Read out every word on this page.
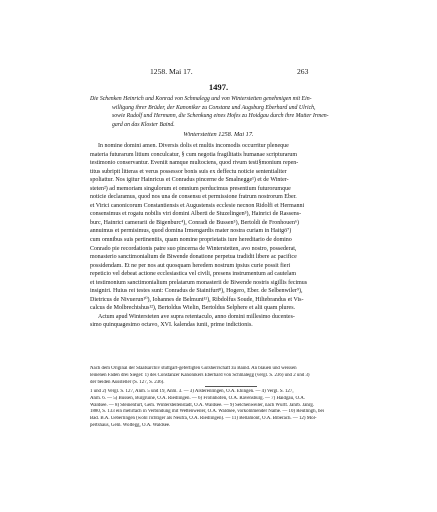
1258. Mai 17.	263
1497.
Die Schenken Heinrich und Konrad von Schmalegg und von Winterstetten genehmigen mit Ein-
willigung ihrer Brüder, der Kanoniker zu Constanz und Augsburg Eberhard und Ulrich,
sowie Rudolf und Hermann, die Schenkung eines Hofes zu Hoidgau durch ihre Mutter Irmen-
gard an das Kloster Baind.
Winterstetten 1258. Mai 17.
In nomine domini amen. Diversis dolis et multis incomodis occurritur pleneque
materia futurarum litium conculcatur, § cum negotia fragilitatis humanae scripturarum
testimonio conservantur. Eveniit namque multociens, quod rivum testi§monium repen-
titus subripit litteras et verus possessor bonis suis ex deffectu noticie sententialiter
spoliattur. Nos igitur Hainricus et Conradus pincerne de Smalnegge¹) et de Winter-
steten²) ad memoriam singulorum et omnium perducimus presentium futurorumque
noticie declaramus, quod nos una de consensu et permissione fratrum nostrorum Eber.
et Virici canonicorum Constantiensis et Augustensis ecclesie necnon Ridolfi et Hermanni
consensimus et rogatu nobilis viri domini Alberti de Stuzelingen³), Hainrici de Rassens-
burc, Hainrici camerarii de Bigenburc⁴), Conradi de Bussen⁵), Bertoldi de Fronhouen⁶)
annuimus et permisimus, quod domina Irmengardis mater nostra curiam in Haitgö⁷)
cum omnibus suis pertinentiis, quam nomine proprietatis iure hereditario de domino
Conrado pie recordationis patre suo pincerna de Winterstetten, avo nostro, possederat,
monasterio sanctimonialium de Biwende donatione perpetua tradidit libere ac pacifice
possidendam. Et ne per nos aut quosquam heredem nostrum ipsius curie possit fieri
repeticio vel debeat actione ecclesiastica vel civili, presens instrumentum ad cautelam
et testimonium sanctimonialium prelatarum monasterii de Biwende nostris sigillis fecimus
insigniri. Huius rei testes sunt: Conradus de Stainifurt⁸), Hogero, Eber. de Selbenwiler⁹),
Dietricus de Nivuerun¹⁰), Iohannes de Belmunt¹¹), Ribdolfus Soude, Hiltebrandus et Vis-
calcus de Molbrechtshus¹²), Bertoldus Wielin, Bertoldus Selphere et alii quam plures.
Actum apud Wintersteten ave supra retentaculo, anno domini millesimo ducentes-
simo quinquagesimo octavo, XVI. kalendas iunii, prime indictionis.
Nach dem Original der Staatsarchiv stuttgart-gefertigten Gutsherrschaft zu Baind. An blauen und weissen
leinenen Fäden drei Siegel: 1) des Constanzer Kanonikers Eberhard von Schmalegg (vergl. S. 236) und 2 und 3)
der beiden Aussteller (S. 127, S. 236).
1 und 2) Vergl. S. 127, Anm. 5 und 19, Anm. 3. — 3) Alsterenlingen, O.A. Ehingen. — 4) Vergl. S. 127,
Anm. 6. — 5) Bussen, Burgruine, O.A. Riedlingen. — 6) Frohnhofen, O.A. Ravensburg. — 7) Haidgau, O.A.
Waldsee. — 8) Steinenfurt, Gem. Wintersteitenstadt, O.A. Waldsee. — 9) Selchenweiler, nach Württ. Jahrb. Jahrg.
1880, S. 133 ein mehrfach in Verbindung mit Wettenweiler, O.A. Waldsee, vorkommender Name. — 10) Reutlingh, bei
Bad. B.A. Ueberlingen (wohl richtiger als Neufra, O.A. Riedlingen). — 11) Bellamont, O.A. Biberach. — 12) Mol-
pertshaus, Gem. Wolfegg, O.A. Waldsee.
